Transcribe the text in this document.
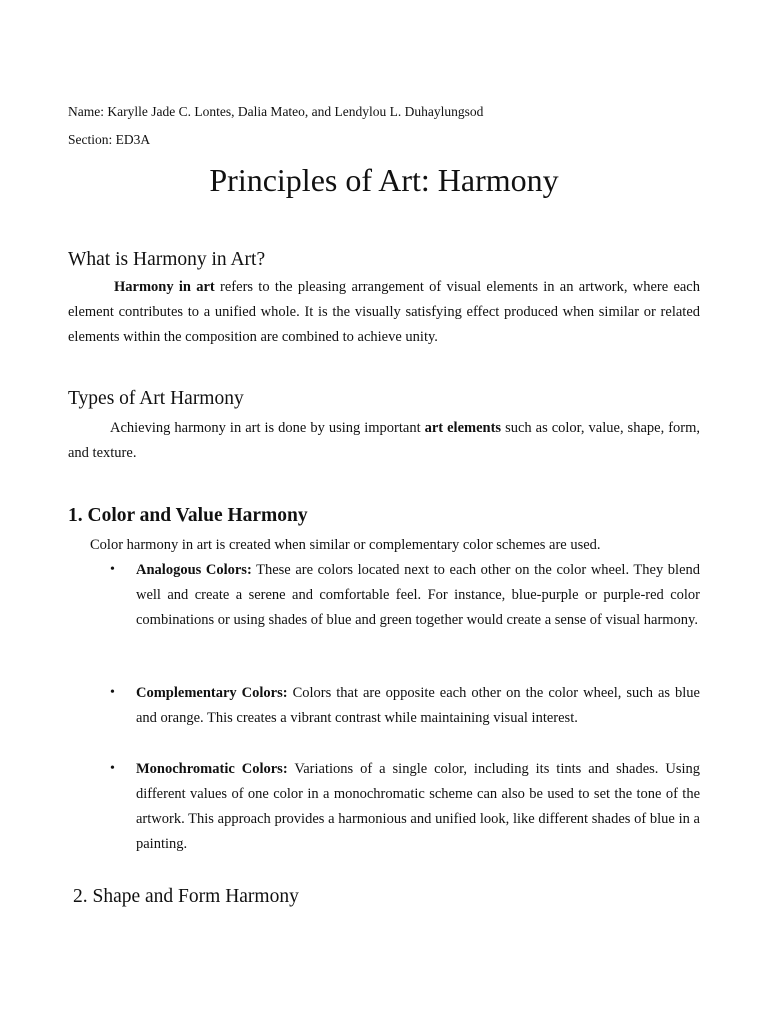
Name: Karylle Jade C. Lontes, Dalia Mateo, and Lendylou L. Duhaylungsod
Section: ED3A
Principles of Art: Harmony
What is Harmony in Art?

Harmony in art refers to the pleasing arrangement of visual elements in an artwork, where each element contributes to a unified whole. It is the visually satisfying effect produced when similar or related elements within the composition are combined to achieve unity.

Types of Art Harmony

Achieving harmony in art is done by using important art elements such as color, value, shape, form, and texture.

1. Color and Value Harmony

Color harmony in art is created when similar or complementary color schemes are used.

• Analogous Colors: These are colors located next to each other on the color wheel. They blend well and create a serene and comfortable feel. For instance, blue-purple or purple-red color combinations or using shades of blue and green together would create a sense of visual harmony.

• Complementary Colors: Colors that are opposite each other on the color wheel, such as blue and orange. This creates a vibrant contrast while maintaining visual interest.

• Monochromatic Colors: Variations of a single color, including its tints and shades. Using different values of one color in a monochromatic scheme can also be used to set the tone of the artwork. This approach provides a harmonious and unified look, like different shades of blue in a painting.

2. Shape and Form Harmony
